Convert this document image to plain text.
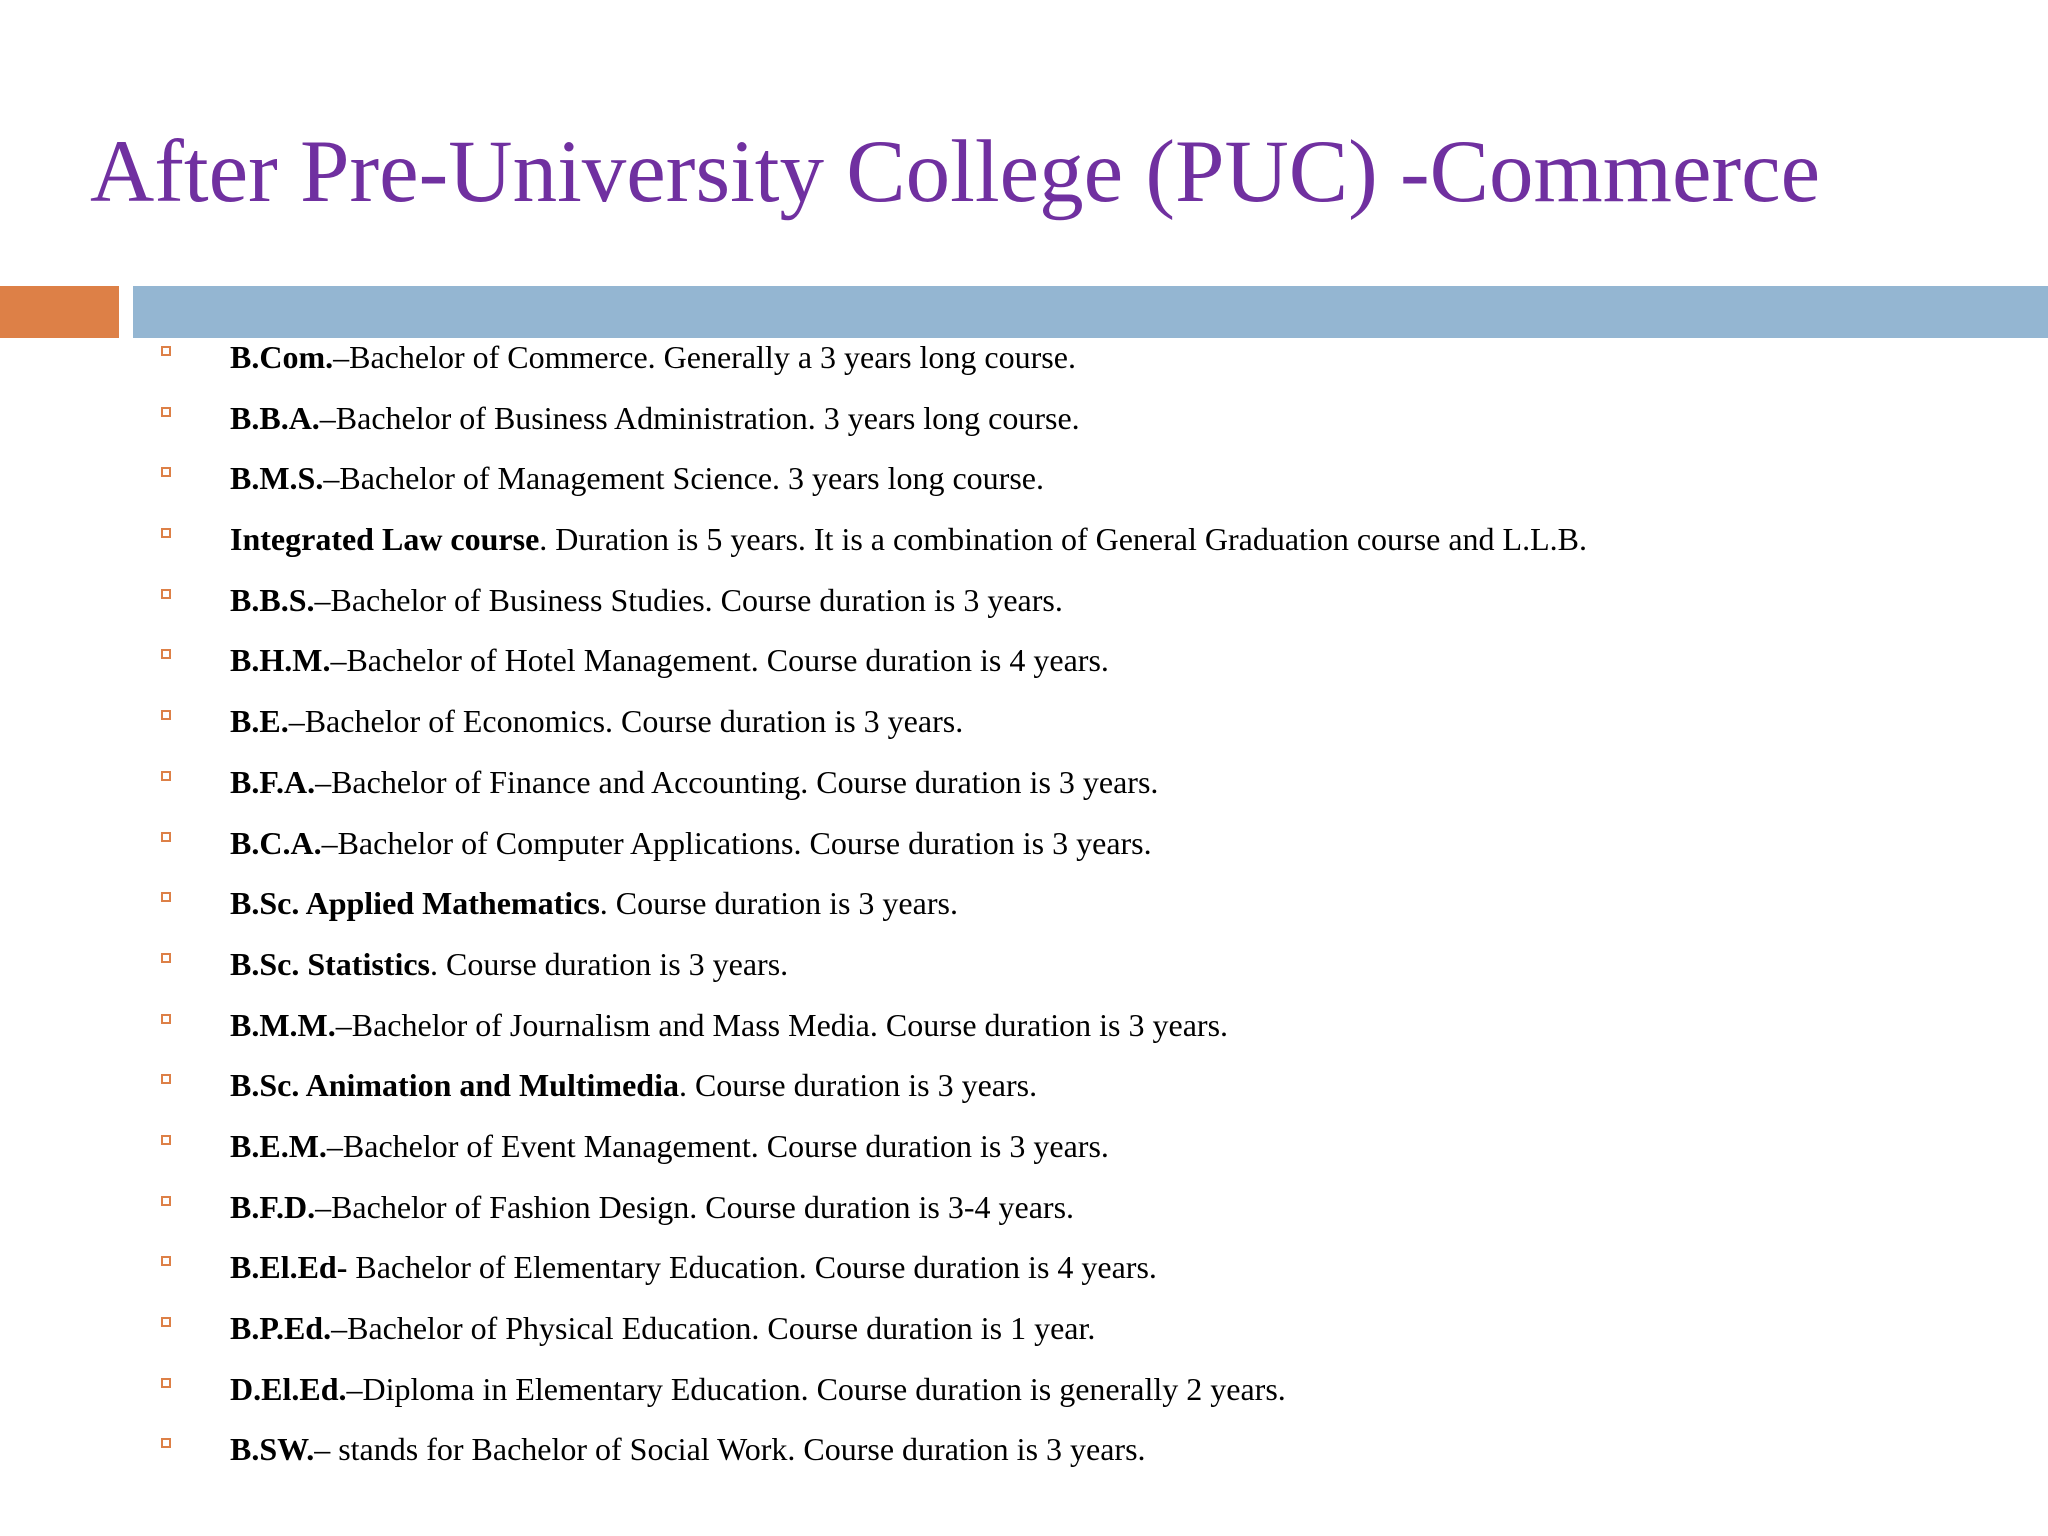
After Pre-University College (PUC) -Commerce
B.Com.–Bachelor of Commerce. Generally a 3 years long course.
B.B.A.–Bachelor of Business Administration. 3 years long course.
B.M.S.–Bachelor of Management Science. 3 years long course.
Integrated Law course. Duration is 5 years. It is a combination of General Graduation course and L.L.B.
B.B.S.–Bachelor of Business Studies. Course duration is 3 years.
B.H.M.–Bachelor of Hotel Management. Course duration is 4 years.
B.E.–Bachelor of Economics. Course duration is 3 years.
B.F.A.–Bachelor of Finance and Accounting. Course duration is 3 years.
B.C.A.–Bachelor of Computer Applications. Course duration is 3 years.
B.Sc. Applied Mathematics. Course duration is 3 years.
B.Sc. Statistics. Course duration is 3 years.
B.M.M.–Bachelor of Journalism and Mass Media. Course duration is 3 years.
B.Sc. Animation and Multimedia. Course duration is 3 years.
B.E.M.–Bachelor of Event Management. Course duration is 3 years.
B.F.D.–Bachelor of Fashion Design. Course duration is 3-4 years.
B.El.Ed- Bachelor of Elementary Education. Course duration is 4 years.
B.P.Ed.–Bachelor of Physical Education. Course duration is 1 year.
D.El.Ed.–Diploma in Elementary Education. Course duration is generally 2 years.
B.SW.– stands for Bachelor of Social Work. Course duration is 3 years.
